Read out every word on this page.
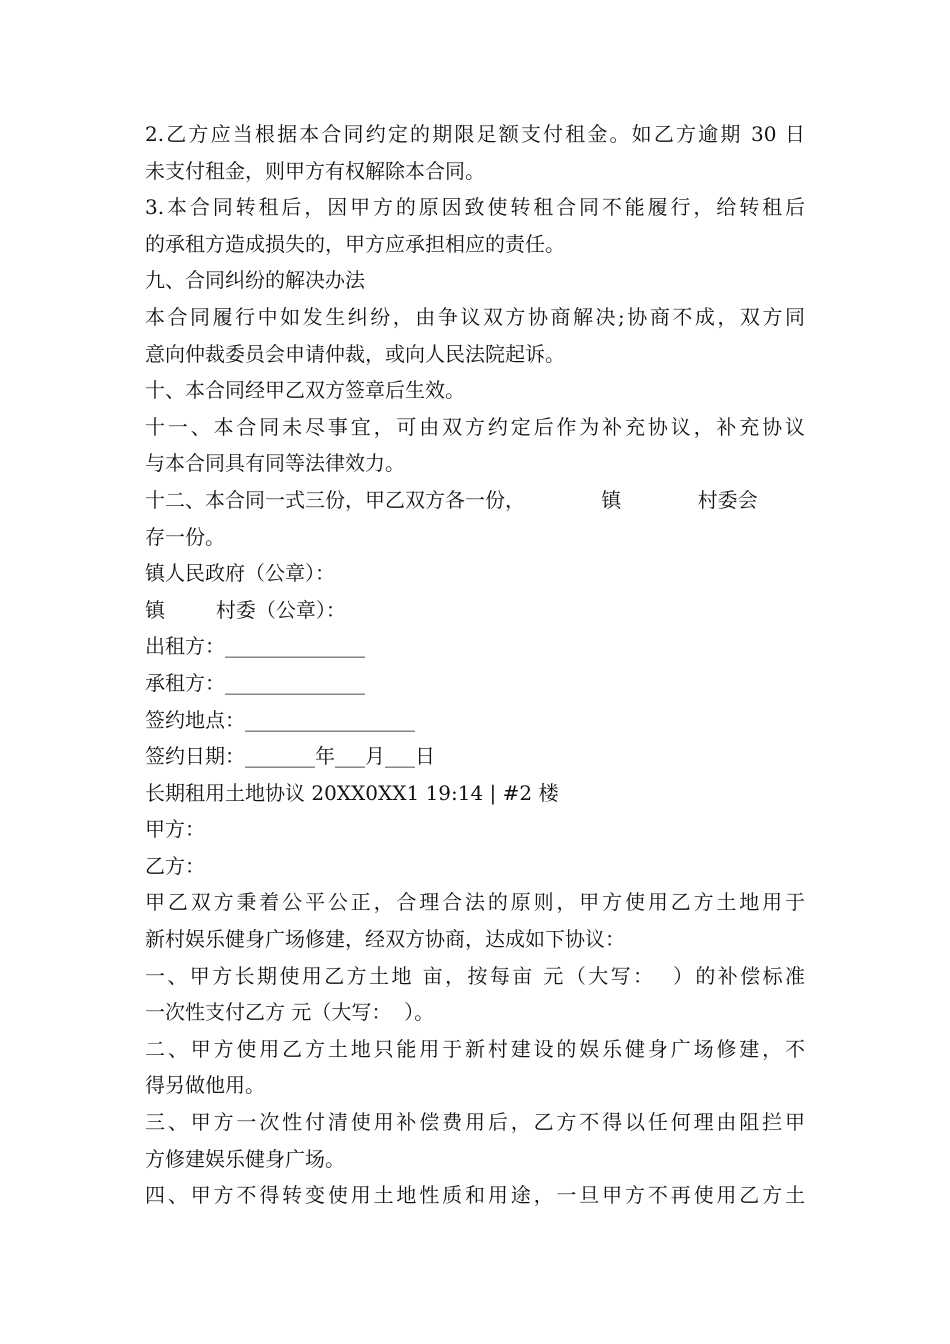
2.乙方应当根据本合同约定的期限足额支付租金。如乙方逾期 30 日
未支付租金，则甲方有权解除本合同。
3.本合同转租后，因甲方的原因致使转租合同不能履行，给转租后
的承租方造成损失的，甲方应承担相应的责任。
九、合同纠纷的解决办法
本合同履行中如发生纠纷，由争议双方协商解决;协商不成，双方同
意向仲裁委员会申请仲裁，或向人民法院起诉。
十、本合同经甲乙双方签章后生效。
十一、本合同未尽事宜，可由双方约定后作为补充协议，补充协议
与本合同具有同等法律效力。
十二、本合同一式三份，甲乙双方各一份，            镇            村委会
存一份。
镇人民政府（公章）：
镇        村委（公章）：
出租方：______________
承租方：______________
签约地点：_________________
签约日期：_______年___月___日
长期租用土地协议 20XX0XX1 19:14 | #2 楼
甲方：
乙方：
甲乙双方秉着公平公正，合理合法的原则，甲方使用乙方土地用于
新村娱乐健身广场修建，经双方协商，达成如下协议：
一、甲方长期使用乙方土地 亩，按每亩 元（大写：  ）的补偿标准
一次性支付乙方 元（大写：  ）。
二、甲方使用乙方土地只能用于新村建设的娱乐健身广场修建，不
得另做他用。
三、甲方一次性付清使用补偿费用后，乙方不得以任何理由阻拦甲
方修建娱乐健身广场。
四、甲方不得转变使用土地性质和用途，一旦甲方不再使用乙方土
